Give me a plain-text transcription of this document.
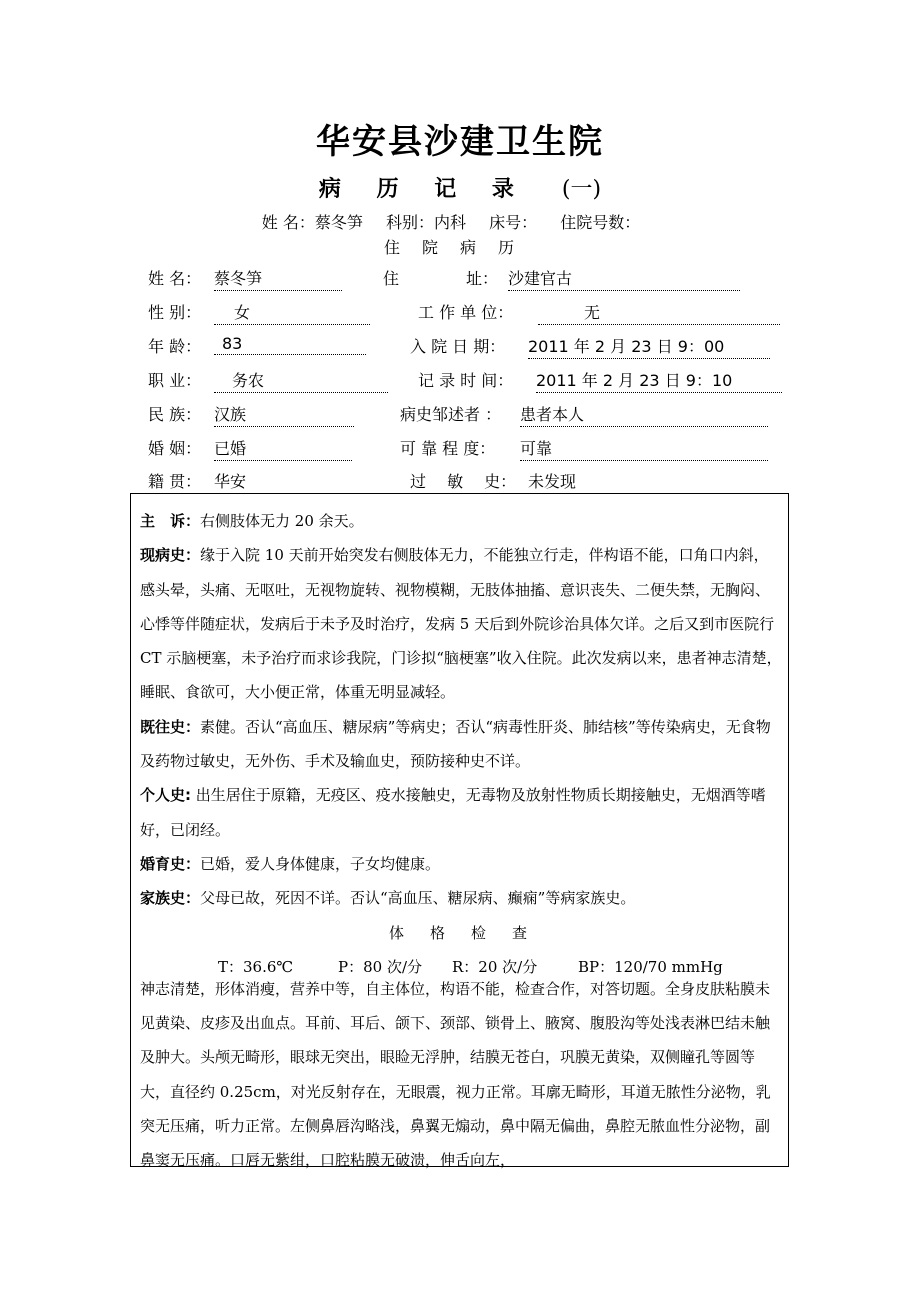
华安县沙建卫生院
病 历 记 录 (一)
姓 名：蔡冬笋 科别：内科 床号： 住院号数：
住院病历
姓 名： 蔡冬笋	住	址： 沙建官古
性 别：	女	工 作 单 位：	无
年 龄：	83	入 院 日 期： 2011 年 2 月 23 日 9：00
职 业：	务农	记 录 时 间： 2011 年 2 月 23 日 9：10
民 族： 汉族	病史邹述者 ： 患者本人
婚 姻： 已婚	可 靠 程 度： 可靠
籍 贯： 华安	过　 敏　 史： 未发现

主　诉：右侧肢体无力 20 余天。

现病史：缘于入院 10 天前开始突发右侧肢体无力，不能独立行走，伴构语不能，口角口内斜，感头晕，头痛、无呕吐，无视物旋转、视物模糊，无肢体抽搐、意识丧失、二便失禁，无胸闷、心悸等伴随症状，发病后于未予及时治疗，发病 5 天后到外院诊治具体欠详。之后又到市医院行 CT 示脑梗塞，未予治疗而求诊我院，门诊拟“脑梗塞”收入住院。此次发病以来，患者神志清楚，睡眠、食欲可，大小便正常，体重无明显减轻。

既往史：素健。否认“高血压、糖尿病”等病史；否认“病毒性肝炎、肺结核”等传染病史，无食物及药物过敏史，无外伤、手术及输血史，预防接种史不详。

个人史: 出生居住于原籍，无疫区、疫水接触史，无毒物及放射性物质长期接触史，无烟酒等嗜好，已闭经。

婚育史：已婚，爱人身体健康，子女均健康。

家族史：父母已故，死因不详。否认“高血压、糖尿病、癫痫”等病家族史。

体格检查

T：36.6℃	P：80 次/分 R：20 次/分	BP：120/70 mmHg

神志清楚，形体消瘦，营养中等，自主体位，构语不能，检查合作，对答切题。全身皮肤粘膜未见黄染、皮疹及出血点。耳前、耳后、颌下、颈部、锁骨上、腋窝、腹股沟等处浅表淋巴结未触及肿大。头颅无畸形，眼球无突出，眼睑无浮肿，结膜无苍白，巩膜无黄染，双侧瞳孔等圆等大，直径约 0.25cm，对光反射存在，无眼震，视力正常。耳廓无畸形，耳道无脓性分泌物，乳突无压痛，听力正常。左侧鼻唇沟略浅，鼻翼无煽动，鼻中隔无偏曲，鼻腔无脓血性分泌物，副鼻窦无压痛。口唇无紫绀，口腔粘膜无破溃，伸舌向左，
